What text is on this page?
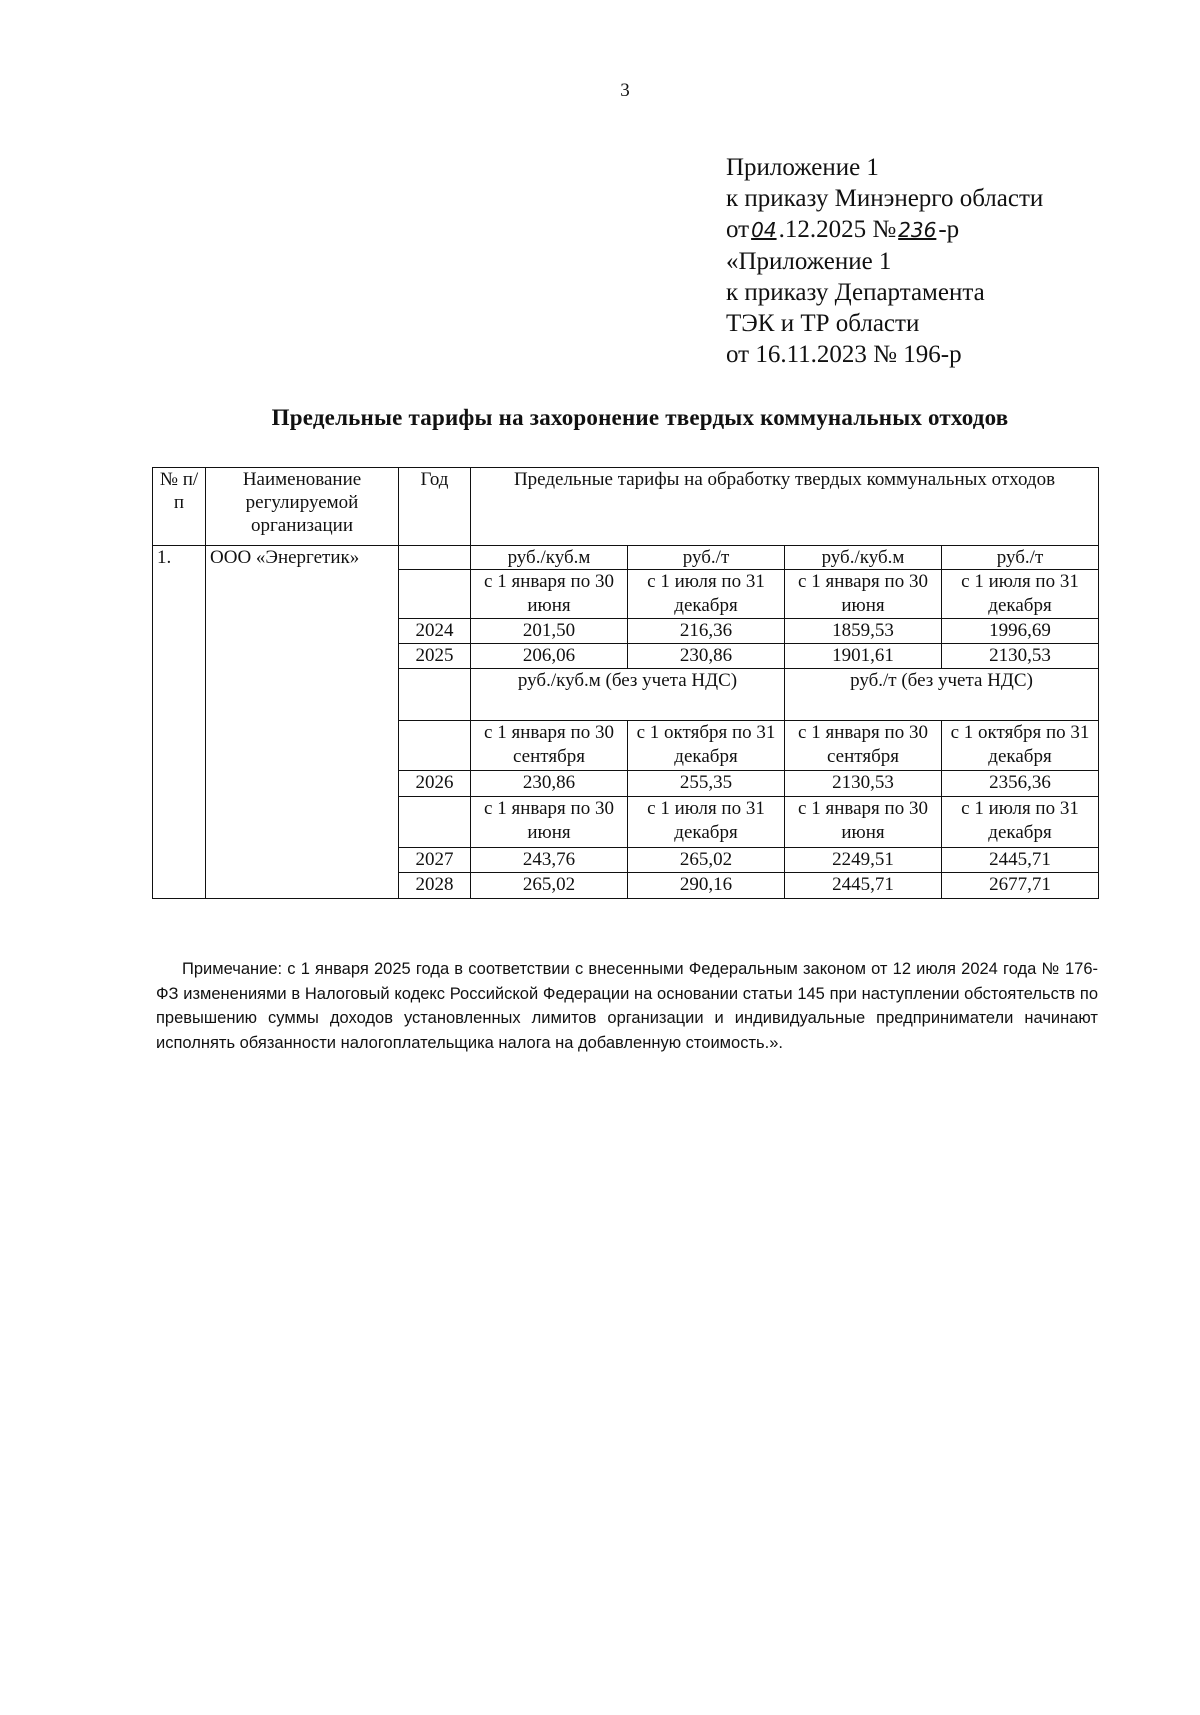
3
Приложение 1
к приказу Минэнерго области
от 04.12.2025 № 236-р
«Приложение 1
к приказу Департамента
ТЭК и ТР области
от 16.11.2023 № 196-р
Предельные тарифы на захоронение твердых коммунальных отходов
№ п/п	Наименование регулируемой организации	Год	Предельные тарифы на обработку твердых коммунальных отходов			
1.	ООО «Энергетик»		руб./куб.м	руб./т	руб./куб.м	руб./т
			с 1 января по 30 июня	с 1 июля по 31 декабря	с 1 января по 30 июня	с 1 июля по 31 декабря
		2024	201,50	216,36	1859,53	1996,69
		2025	206,06	230,86	1901,61	2130,53
			руб./куб.м (без учета НДС)		руб./т (без учета НДС)	
			с 1 января по 30 сентября	с 1 октября по 31 декабря	с 1 января по 30 сентября	с 1 октября по 31 декабря
		2026	230,86	255,35	2130,53	2356,36
			с 1 января по 30 июня	с 1 июля по 31 декабря	с 1 января по 30 июня	с 1 июля по 31 декабря
		2027	243,76	265,02	2249,51	2445,71
		2028	265,02	290,16	2445,71	2677,71
Примечание: с 1 января 2025 года в соответствии с внесенными Федеральным законом от 12 июля 2024 года № 176-ФЗ изменениями в Налоговый кодекс Российской Федерации на основании статьи 145 при наступлении обстоятельств по превышению суммы доходов установленных лимитов организации и индивидуальные предприниматели начинают исполнять обязанности налогоплательщика налога на добавленную стоимость.».
